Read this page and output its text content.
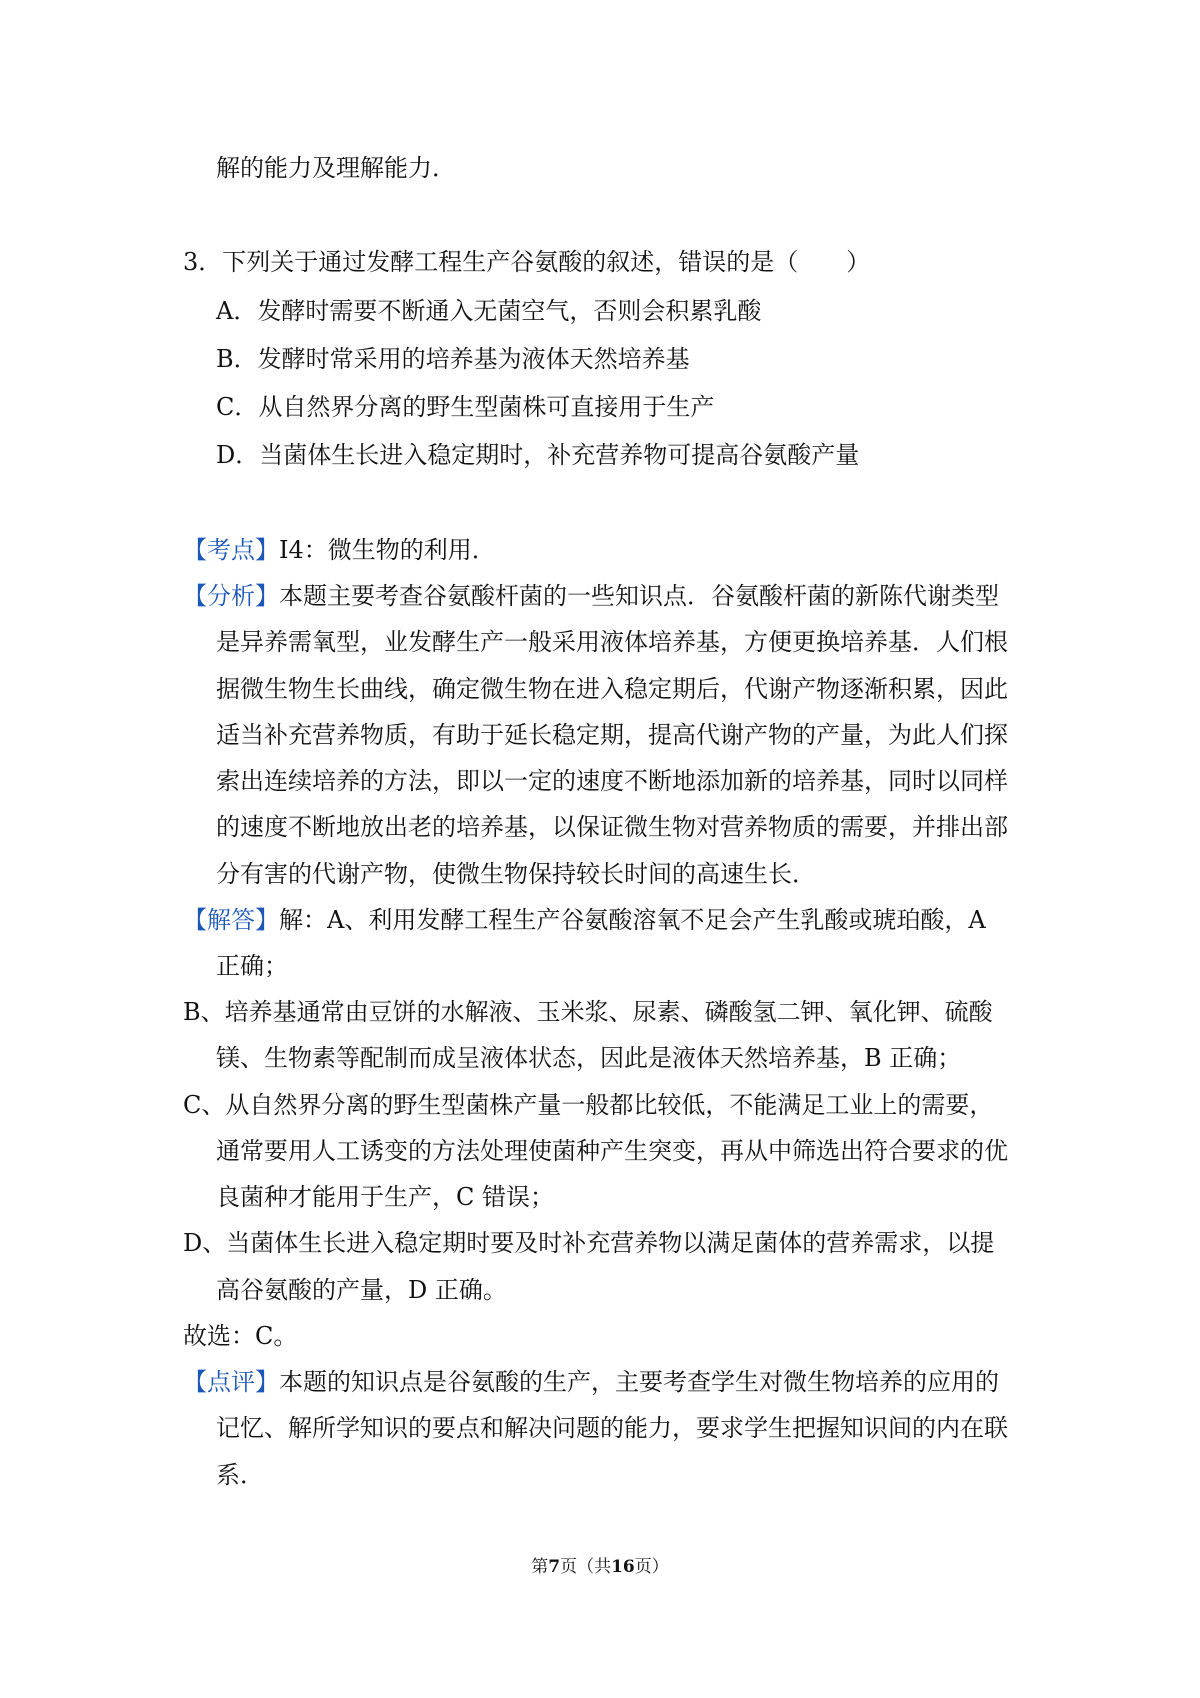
解的能力及理解能力．
3．下列关于通过发酵工程生产谷氨酸的叙述，错误的是（　　）
A．发酵时需要不断通入无菌空气，否则会积累乳酸
B．发酵时常采用的培养基为液体天然培养基
C．从自然界分离的野生型菌株可直接用于生产
D．当菌体生长进入稳定期时，补充营养物可提高谷氨酸产量
【考点】I4：微生物的利用．
【分析】本题主要考查谷氨酸杆菌的一些知识点．谷氨酸杆菌的新陈代谢类型
是异养需氧型，业发酵生产一般采用液体培养基，方便更换培养基．人们根
据微生物生长曲线，确定微生物在进入稳定期后，代谢产物逐渐积累，因此
适当补充营养物质，有助于延长稳定期，提高代谢产物的产量，为此人们探
索出连续培养的方法，即以一定的速度不断地添加新的培养基，同时以同样
的速度不断地放出老的培养基，以保证微生物对营养物质的需要，并排出部
分有害的代谢产物，使微生物保持较长时间的高速生长．
【解答】解：A、利用发酵工程生产谷氨酸溶氧不足会产生乳酸或琥珀酸，A
正确；
B、培养基通常由豆饼的水解液、玉米浆、尿素、磷酸氢二钾、氧化钾、硫酸
镁、生物素等配制而成呈液体状态，因此是液体天然培养基，B 正确；
C、从自然界分离的野生型菌株产量一般都比较低，不能满足工业上的需要，
通常要用人工诱变的方法处理使菌种产生突变，再从中筛选出符合要求的优
良菌种才能用于生产，C 错误；
D、当菌体生长进入稳定期时要及时补充营养物以满足菌体的营养需求，以提
高谷氨酸的产量，D 正确。
故选：C。
【点评】本题的知识点是谷氨酸的生产，主要考查学生对微生物培养的应用的
记忆、解所学知识的要点和解决问题的能力，要求学生把握知识间的内在联
系．
第7页（共16页）
